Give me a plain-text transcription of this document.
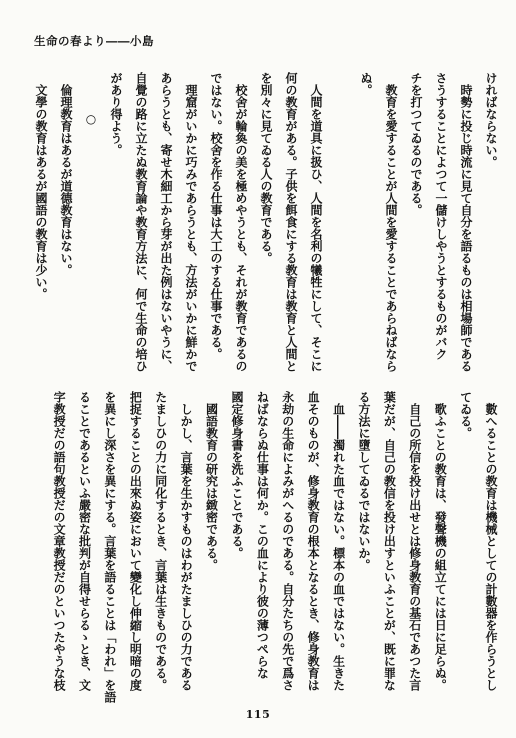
生命の春より――小島
ければならない。
時勢に投じ時流に見て自分を語るものは相場師である
さうすることによつて一儲けしやうとするものがバク
チを打つてゐるのである。
教育を愛することが人間を愛することであらねばなら
ぬ。
人間を道具に扱ひ、人間を名利の犧牲にして、そこに
何の教育がある。子供を餌食にする教育は教育と人間と
を別々に見てゐる人の教育である。
校舍が輪奐の美を極めやうとも、それが教育であるの
ではない。校舍を作る仕事は大工のする仕事である。
理窟がいかに巧みであらうとも、方法がいかに鮮かで
あらうとも、寄せ木細工から芽が出た例はないやうに、
自覺の路に立たぬ教育論や教育方法に、何で生命の培ひ
があり得よう。
○
倫理教育はあるが道德教育はない。
文學の教育はあるが國語の教育は少い。
數へることの教育は機械としての計數器を作らうとし
てゐる。
歌ふことの教育は、發聲機の組立てには日に足らぬ。
自己の所信を投け出せとは修身教育の基石であつた言
葉だが、自己の教信を投け出すといふことが、既に罪な
る方法に墮してゐるではないか。
血――濁れた血ではない。標本の血ではない。生きた
血そのものが、修身教育の根本となるとき、修身教育は
永劫の生命によみがへるのである。自分たちの先で爲さ
ねばならぬ仕事は何か。この血により彼の薄つぺらな
國定修身書を洗ふことである。
國語教育の研究は緻密である。
しかし、言葉を生かすものはわがたましひの力である
たましひの力に同化するとき、言葉は生きものである。
把捉することの出來ぬ姿において變化し伸縮し明暗の度
を異にし深さを異にする。言葉を語ることは「われ」を語
ることであるといふ嚴密な批判が自得せらるゝとき、文
字教授だの語句教授だの文章教授だのといつたやうな枝
115
